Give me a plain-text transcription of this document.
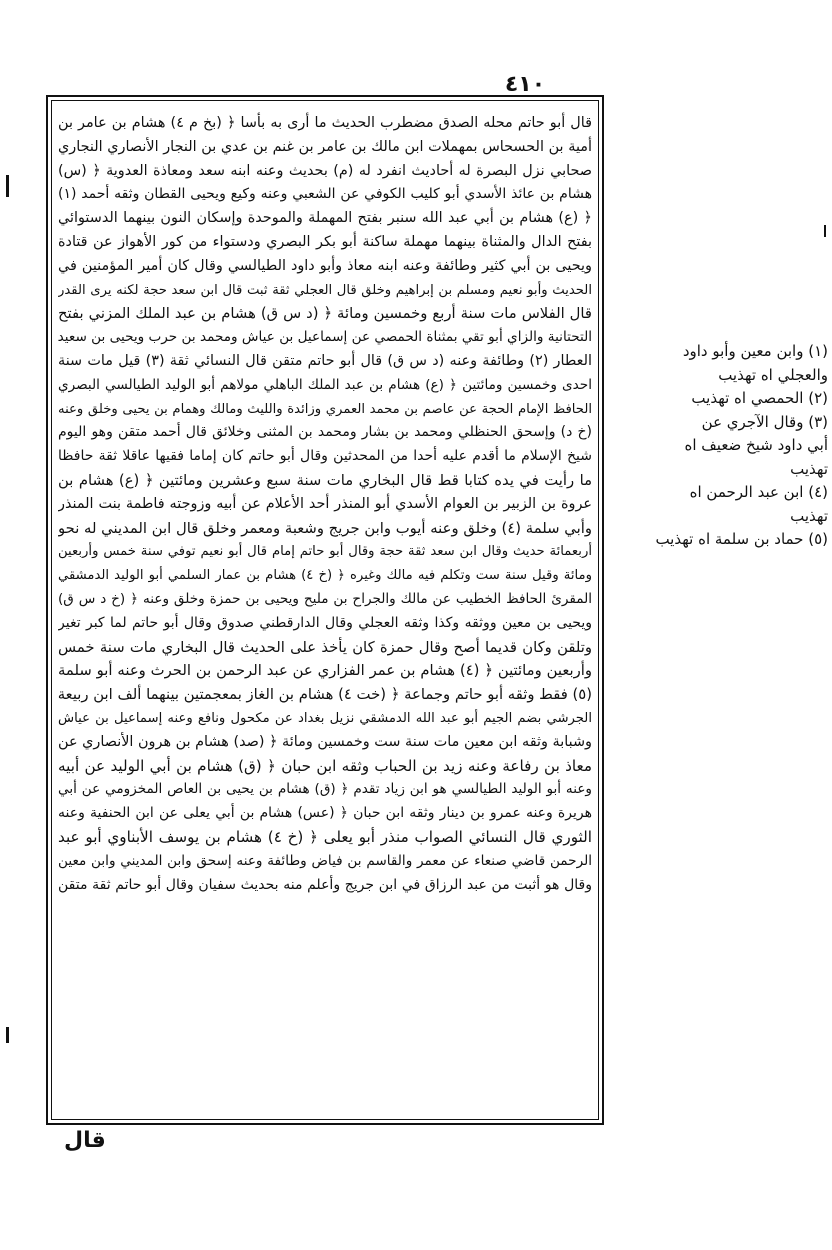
٤١٠
قال أبو حاتم محله الصدق مضطرب الحديث ما أرى به بأسا ﴿ (بخ م ٤) هشام بن عامر بن
أمية بن الحسحاس بمهملات ابن مالك بن عامر بن غنم بن عدي بن النجار الأنصاري النجاري
صحابي نزل البصرة له أحاديث انفرد له (م) بحديث وعنه ابنه سعد ومعاذة العدوية ﴿ (س)
هشام بن عائذ الأسدي أبو كليب الكوفي عن الشعبي وعنه وكيع ويحيى القطان وثقه أحمد (١)
﴿ (ع) هشام بن أبي عبد الله سنبر بفتح المهملة والموحدة وإسكان النون بينهما الدستوائي
بفتح الدال والمثناة بينهما مهملة ساكنة أبو بكر البصري ودستواء من كور الأهواز عن قتادة
ويحيى بن أبي كثير وطائفة وعنه ابنه معاذ وأبو داود الطيالسي وقال كان أمير المؤمنين في
الحديث وأبو نعيم ومسلم بن إبراهيم وخلق قال العجلي ثقة ثبت قال ابن سعد حجة لكنه يرى القدر
قال الفلاس مات سنة أربع وخمسين ومائة ﴿ (د س ق) هشام بن عبد الملك المزني بفتح
التحتانية والزاي أبو تقي بمثناة الحمصي عن إسماعيل بن عياش ومحمد بن حرب ويحيى بن سعيد
العطار (٢) وطائفة وعنه (د س ق) قال أبو حاتم متقن قال النسائي ثقة (٣) قيل مات سنة
احدى وخمسين ومائتين ﴿ (ع) هشام بن عبد الملك الباهلي مولاهم أبو الوليد الطيالسي البصري
الحافظ الإمام الحجة عن عاصم بن محمد العمري وزائدة والليث ومالك وهمام بن يحيى وخلق وعنه
(خ د) وإسحق الحنظلي ومحمد بن بشار ومحمد بن المثنى وخلائق قال أحمد متقن وهو اليوم
شيخ الإسلام ما أقدم عليه أحدا من المحدثين وقال أبو حاتم كان إماما فقيها عاقلا ثقة حافظا
ما رأيت في يده كتابا قط قال البخاري مات سنة سبع وعشرين ومائتين ﴿ (ع) هشام بن
عروة بن الزبير بن العوام الأسدي أبو المنذر أحد الأعلام عن أبيه وزوجته فاطمة بنت المنذر
وأبي سلمة (٤) وخلق وعنه أيوب وابن جريج وشعبة ومعمر وخلق قال ابن المديني له نحو
أربعمائة حديث وقال ابن سعد ثقة حجة وقال أبو حاتم إمام قال أبو نعيم توفي سنة خمس وأربعين
ومائة وقيل سنة ست وتكلم فيه مالك وغيره ﴿ (خ ٤) هشام بن عمار السلمي أبو الوليد الدمشقي
المقرئ الحافظ الخطيب عن مالك والجراح بن مليح ويحيى بن حمزة وخلق وعنه ﴿ (خ د س ق)
ويحيى بن معين ووثقه وكذا وثقه العجلي وقال الدارقطني صدوق وقال أبو حاتم لما كبر تغير
وتلقن وكان قديما أصح وقال حمزة كان يأخذ على الحديث قال البخاري مات سنة خمس
وأربعين ومائتين ﴿ (٤) هشام بن عمر الفزاري عن عبد الرحمن بن الحرث وعنه أبو سلمة
(٥) فقط وثقه أبو حاتم وجماعة ﴿ (خت ٤) هشام بن الغاز بمعجمتين بينهما ألف ابن ربيعة
الجرشي بضم الجيم أبو عبد الله الدمشقي نزيل بغداد عن مكحول ونافع وعنه إسماعيل بن عياش
وشبابة وثقه ابن معين مات سنة ست وخمسين ومائة ﴿ (صد) هشام بن هرون الأنصاري عن
معاذ بن رفاعة وعنه زيد بن الحباب وثقه ابن حبان ﴿ (ق) هشام بن أبي الوليد عن أبيه
وعنه أبو الوليد الطيالسي هو ابن زياد تقدم ﴿ (ق) هشام بن يحيى بن العاص المخزومي عن أبي
هريرة وعنه عمرو بن دينار وثقه ابن حبان ﴿ (عس) هشام بن أبي يعلى عن ابن الحنفية وعنه
الثوري قال النسائي الصواب منذر أبو يعلى ﴿ (خ ٤) هشام بن يوسف الأبناوي أبو عبد
الرحمن قاضي صنعاء عن معمر والقاسم بن فياض وطائفة وعنه إسحق وابن المديني وابن معين
وقال هو أثبت من عبد الرزاق في ابن جريج وأعلم منه بحديث سفيان وقال أبو حاتم ثقة متقن
(١) وابن معين وأبو داود
والعجلي اه تهذيب
(٢) الحمصي اه تهذيب
(٣) وقال الآجري عن
أبي داود شيخ ضعيف اه
تهذيب
(٤) ابن عبد الرحمن اه
تهذيب
(٥) حماد بن سلمة اه تهذيب
قال
